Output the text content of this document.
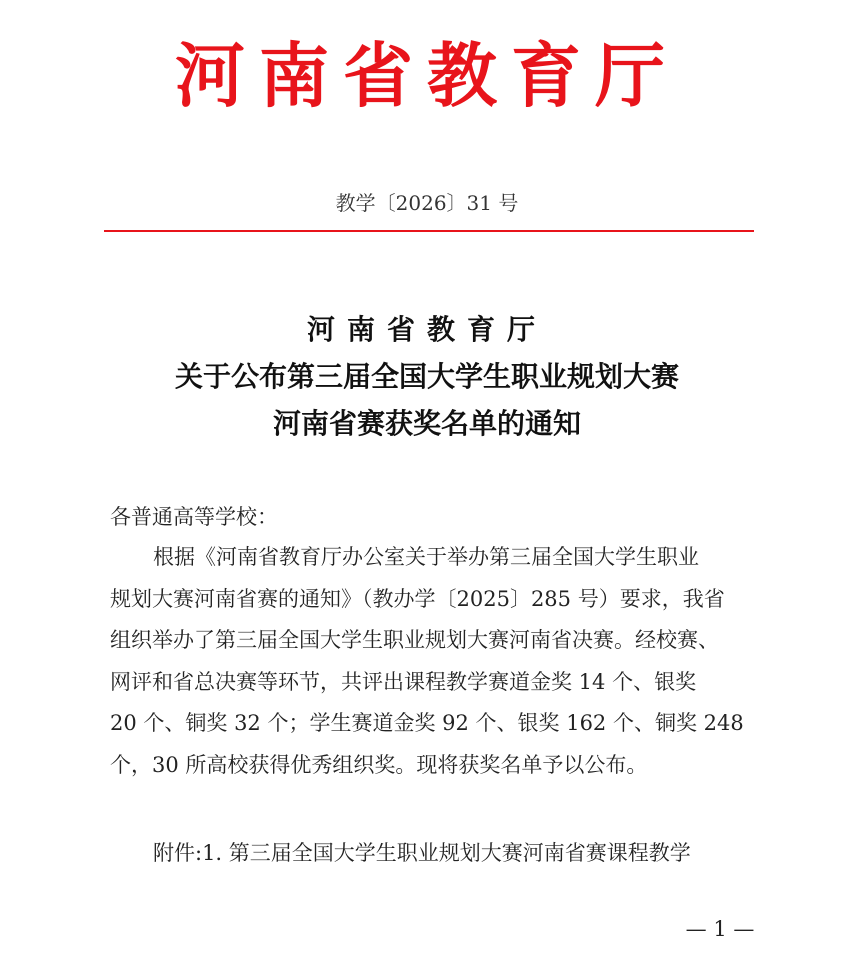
河南省教育厅
教学〔2026〕31 号
河南省教育厅
关于公布第三届全国大学生职业规划大赛
河南省赛获奖名单的通知
各普通高等学校：
根据《河南省教育厅办公室关于举办第三届全国大学生职业
规划大赛河南省赛的通知》（教办学〔2025〕285 号）要求，我省
组织举办了第三届全国大学生职业规划大赛河南省决赛。经校赛、
网评和省总决赛等环节，共评出课程教学赛道金奖 14 个、银奖
20 个、铜奖 32 个；学生赛道金奖 92 个、银奖 162 个、铜奖 248
个，30 所高校获得优秀组织奖。现将获奖名单予以公布。
附件:1. 第三届全国大学生职业规划大赛河南省赛课程教学
— 1 —
